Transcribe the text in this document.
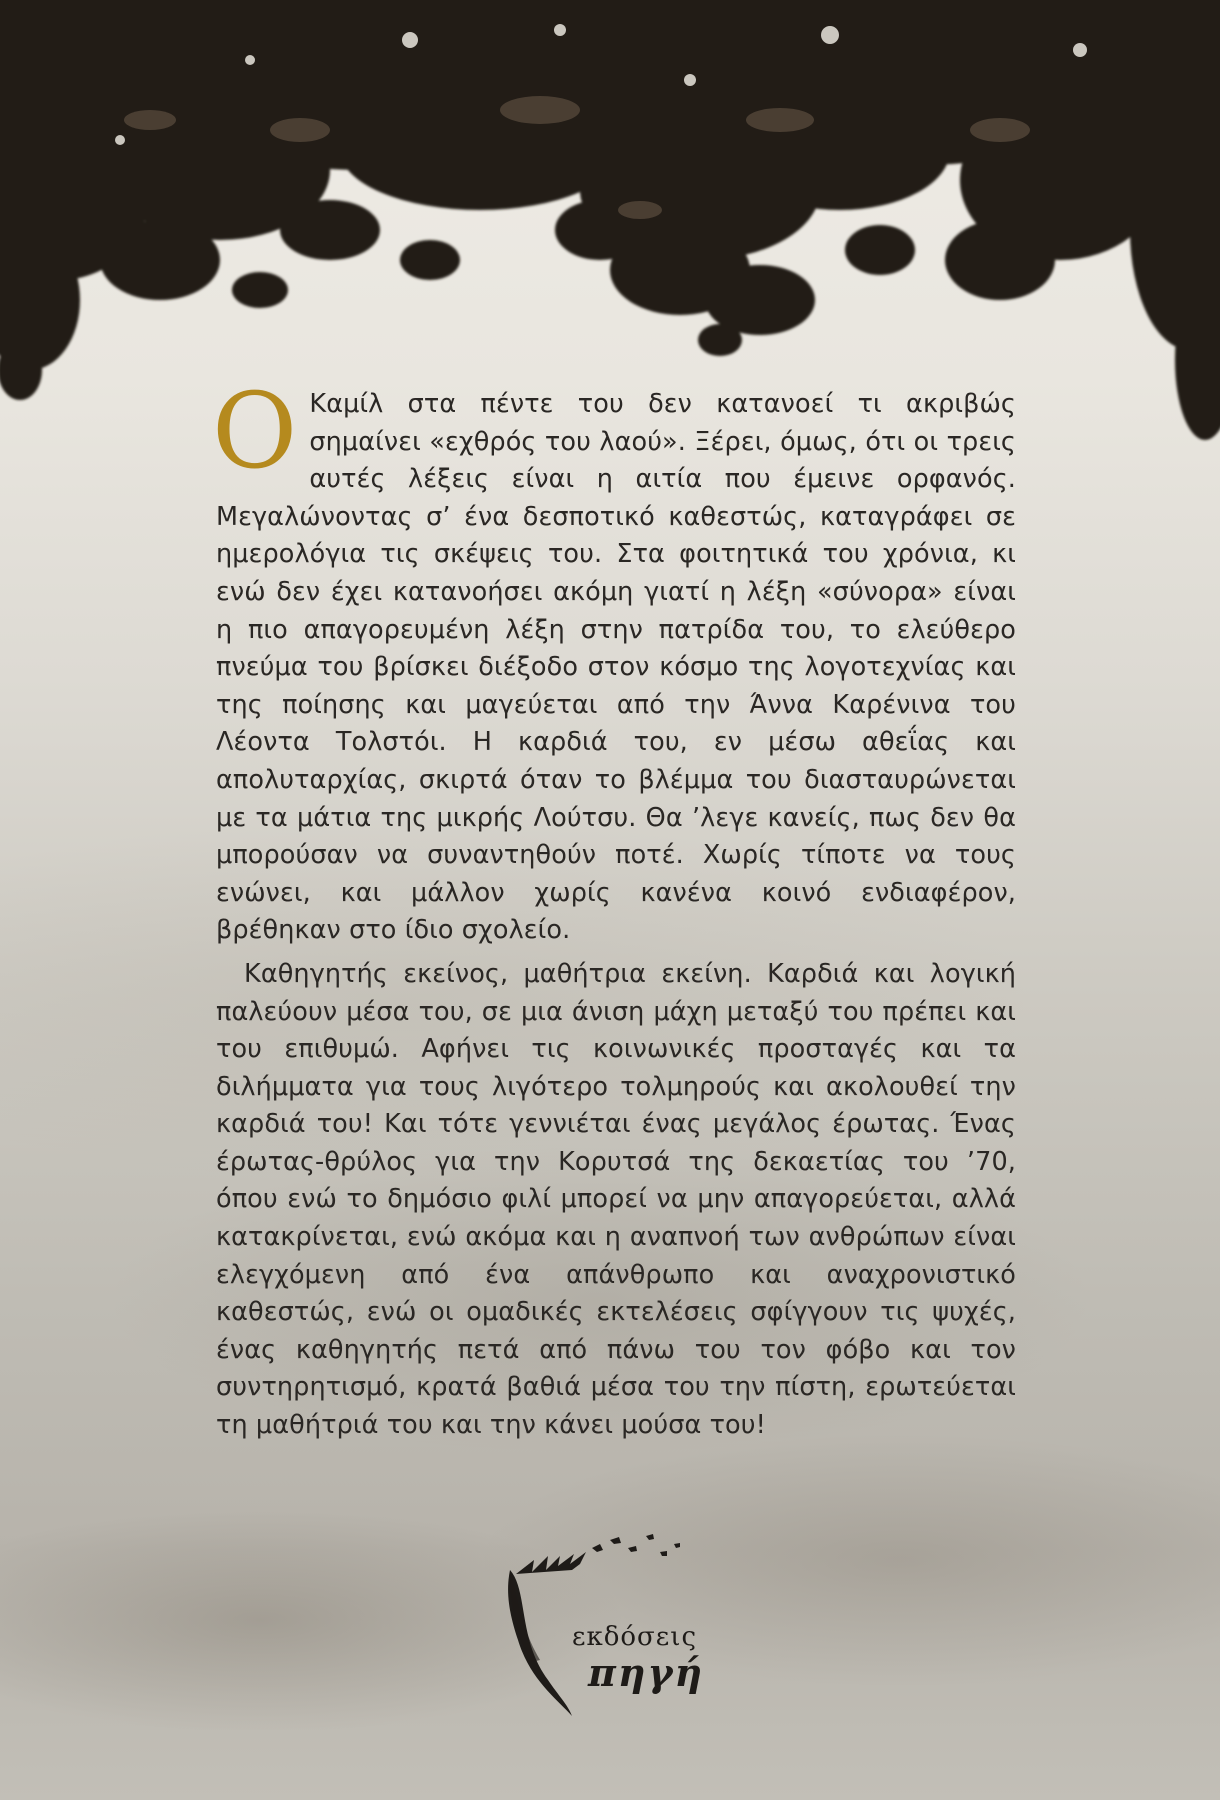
Ο Καμίλ στα πέντε του δεν κατανοεί τι ακριβώς σημαίνει «εχθρός του λαού». Ξέρει, όμως, ότι οι τρεις αυτές λέξεις είναι η αιτία που έμεινε ορφανός. Μεγαλώνοντας σ’ ένα δεσποτικό καθεστώς, καταγράφει σε ημερολόγια τις σκέψεις του. Στα φοιτητικά του χρόνια, κι ενώ δεν έχει κατανοήσει ακόμη γιατί η λέξη «σύνορα» είναι η πιο απαγορευμένη λέξη στην πατρίδα του, το ελεύθερο πνεύμα του βρίσκει διέξοδο στον κόσμο της λογοτεχνίας και της ποίησης και μαγεύεται από την Άννα Καρένινα του Λέοντα Τολστόι. Η καρδιά του, εν μέσω αθεΐας και απολυταρχίας, σκιρτά όταν το βλέμμα του διασταυρώνεται με τα μάτια της μικρής Λούτσυ. Θα ’λεγε κανείς, πως δεν θα μπορούσαν να συναντηθούν ποτέ. Χωρίς τίποτε να τους ενώνει, και μάλλον χωρίς κανένα κοινό ενδιαφέρον, βρέθηκαν στο ίδιο σχολείο.

Καθηγητής εκείνος, μαθήτρια εκείνη. Καρδιά και λογική παλεύουν μέσα του, σε μια άνιση μάχη μεταξύ του πρέπει και του επιθυμώ. Αφήνει τις κοινωνικές προσταγές και τα διλήμματα για τους λιγότερο τολμηρούς και ακολουθεί την καρδιά του! Και τότε γεννιέται ένας μεγάλος έρωτας. Ένας έρωτας-θρύλος για την Κορυτσά της δεκαετίας του ’70, όπου ενώ το δημόσιο φιλί μπορεί να μην απαγορεύεται, αλλά κατακρίνεται, ενώ ακόμα και η αναπνοή των ανθρώπων είναι ελεγχόμενη από ένα απάνθρωπο και αναχρονιστικό καθεστώς, ενώ οι ομαδικές εκτελέσεις σφίγγουν τις ψυχές, ένας καθηγητής πετά από πάνω του τον φόβο και τον συντηρητισμό, κρατά βαθιά μέσα του την πίστη, ερωτεύεται τη μαθήτριά του και την κάνει μούσα του!

εκδόσεις
πηγή
